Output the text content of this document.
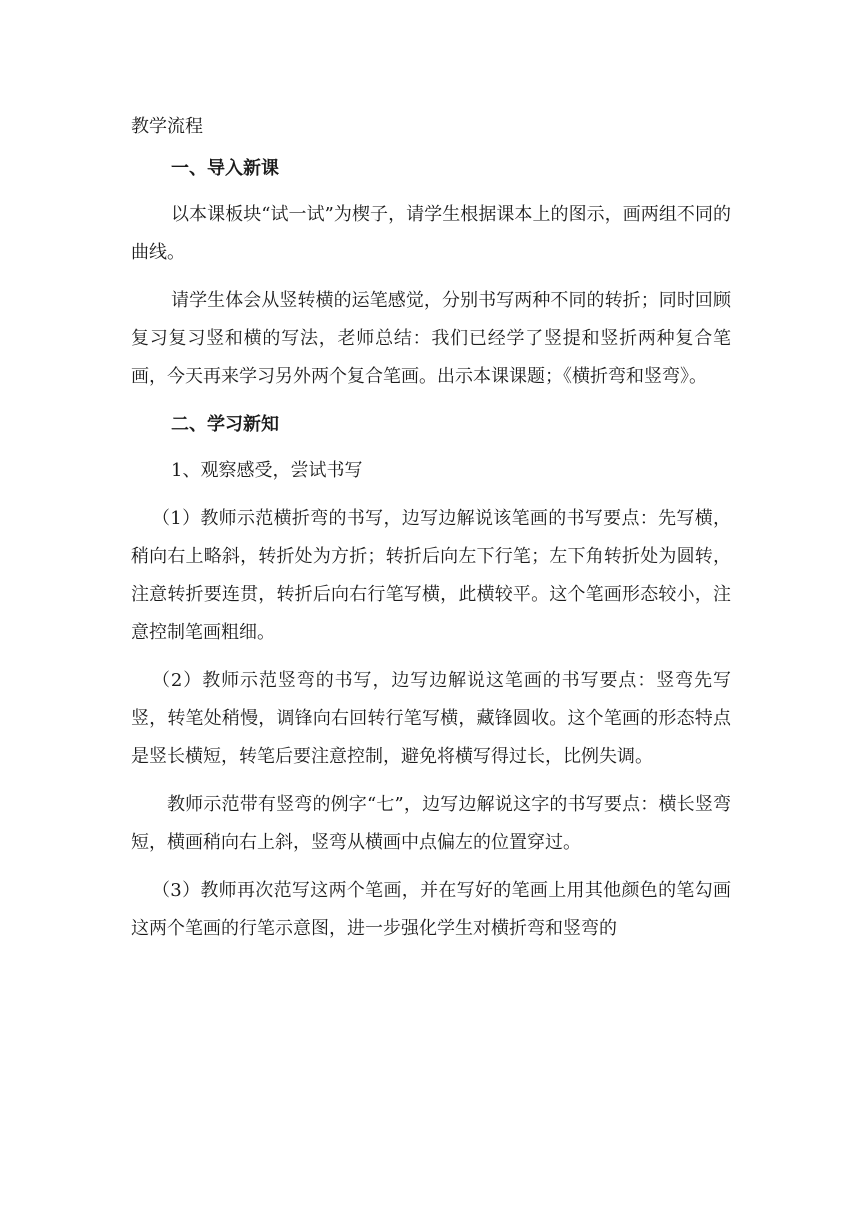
教学流程

一、导入新课

以本课板块“试一试”为楔子，请学生根据课本上的图示，画两组不同的曲线。

请学生体会从竖转横的运笔感觉，分别书写两种不同的转折；同时回顾复习复习竖和横的写法，老师总结：我们已经学了竖提和竖折两种复合笔画，今天再来学习另外两个复合笔画。出示本课课题；《横折弯和竖弯》。

二、学习新知

1、观察感受，尝试书写

（1）教师示范横折弯的书写，边写边解说该笔画的书写要点：先写横，稍向右上略斜，转折处为方折；转折后向左下行笔；左下角转折处为圆转，注意转折要连贯，转折后向右行笔写横，此横较平。这个笔画形态较小，注意控制笔画粗细。

（2）教师示范竖弯的书写，边写边解说这笔画的书写要点：竖弯先写竖，转笔处稍慢，调锋向右回转行笔写横，藏锋圆收。这个笔画的形态特点是竖长横短，转笔后要注意控制，避免将横写得过长，比例失调。

教师示范带有竖弯的例字“七”，边写边解说这字的书写要点：横长竖弯短，横画稍向右上斜，竖弯从横画中点偏左的位置穿过。

（3）教师再次范写这两个笔画，并在写好的笔画上用其他颜色的笔勾画这两个笔画的行笔示意图，进一步强化学生对横折弯和竖弯的
